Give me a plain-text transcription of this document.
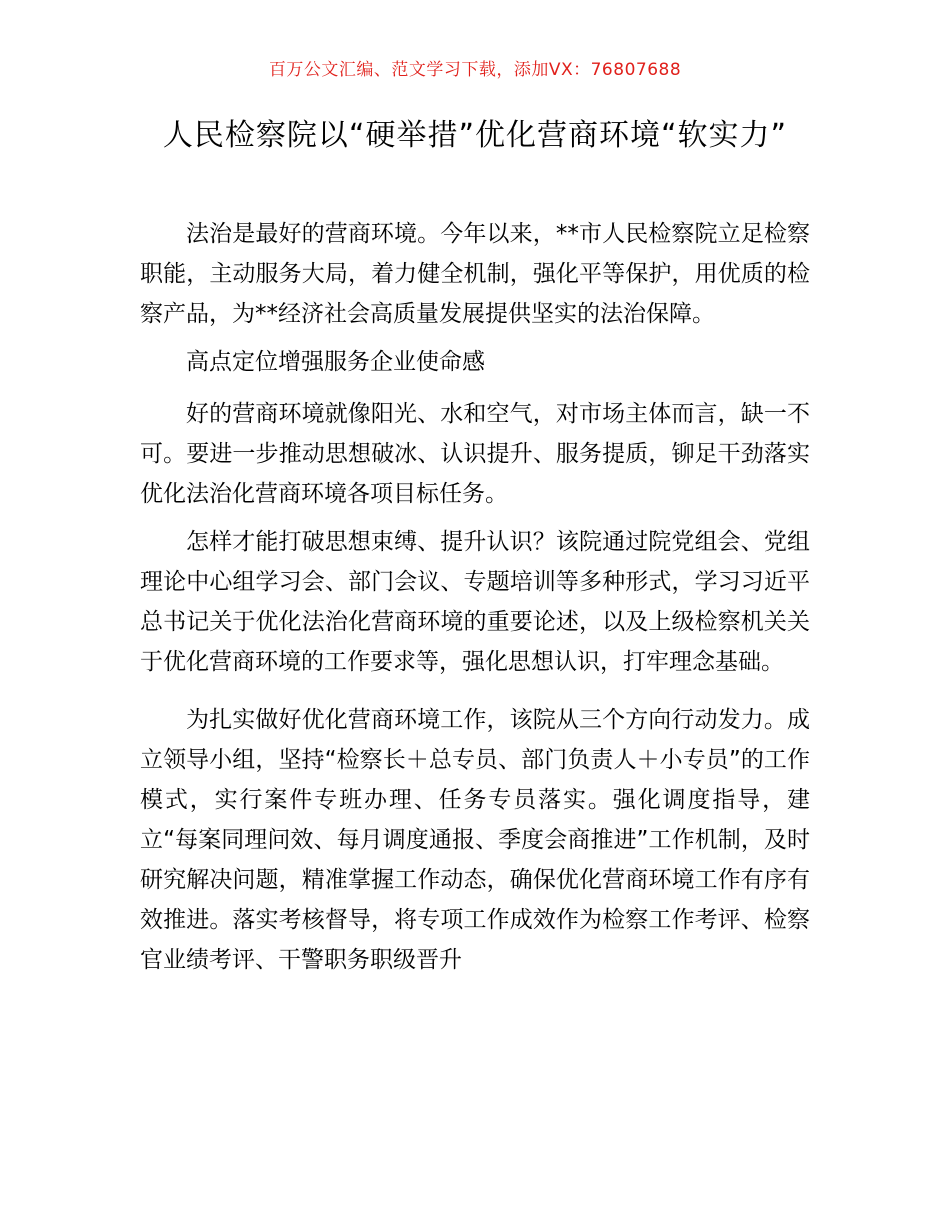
百万公文汇编、范文学习下载，添加VX：76807688
人民检察院以“硬举措”优化营商环境“软实力”

法治是最好的营商环境。今年以来，**市人民检察院立足检察职能，主动服务大局，着力健全机制，强化平等保护，用优质的检察产品，为**经济社会高质量发展提供坚实的法治保障。

高点定位增强服务企业使命感

好的营商环境就像阳光、水和空气，对市场主体而言，缺一不可。要进一步推动思想破冰、认识提升、服务提质，铆足干劲落实优化法治化营商环境各项目标任务。

怎样才能打破思想束缚、提升认识？该院通过院党组会、党组理论中心组学习会、部门会议、专题培训等多种形式，学习习近平总书记关于优化法治化营商环境的重要论述，以及上级检察机关关于优化营商环境的工作要求等，强化思想认识，打牢理念基础。

为扎实做好优化营商环境工作，该院从三个方向行动发力。成立领导小组，坚持“检察长＋总专员、部门负责人＋小专员”的工作模式，实行案件专班办理、任务专员落实。强化调度指导，建立“每案同理问效、每月调度通报、季度会商推进”工作机制，及时研究解决问题，精准掌握工作动态，确保优化营商环境工作有序有效推进。落实考核督导，将专项工作成效作为检察工作考评、检察官业绩考评、干警职务职级晋升
